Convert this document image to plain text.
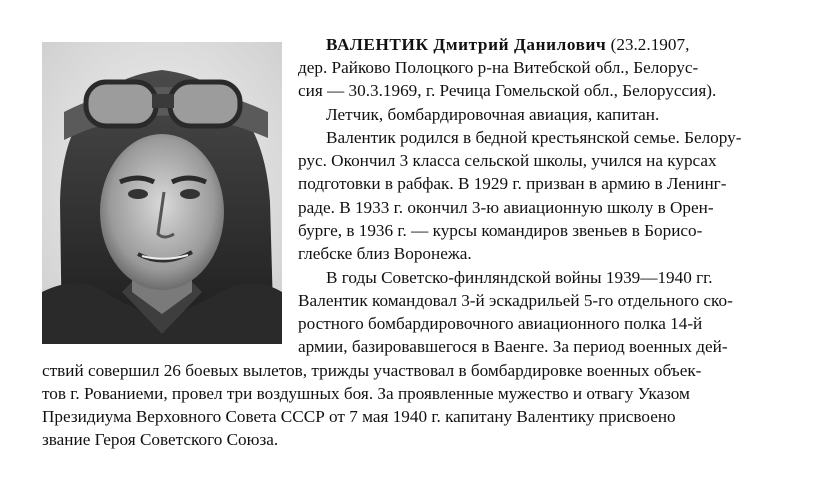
ВАЛЕНТИК Дмитрий Данилович (23.2.1907,
дер. Райково Полоцкого р-на Витебской обл., Белорус-
сия — 30.3.1969, г. Речица Гомельской обл., Белоруссия).
Летчик, бомбардировочная авиация, капитан.
Валентик родился в бедной крестьянской семье. Белору-
рус. Окончил 3 класса сельской школы, учился на курсах
подготовки в рабфак. В 1929 г. призван в армию в Ленинг-
раде. В 1933 г. окончил 3-ю авиационную школу в Орен-
бурге, в 1936 г. — курсы командиров звеньев в Борисо-
глебске близ Воронежа.
В годы Советско-финляндской войны 1939—1940 гг.
Валентик командовал 3-й эскадрильей 5-го отдельного ско-
ростного бомбардировочного авиационного полка 14-й
армии, базировавшегося в Ваенге. За период военных дей-
ствий совершил 26 боевых вылетов, трижды участвовал в бомбардировке военных объек-
тов г. Рованиеми, провел три воздушных боя. За проявленные мужество и отвагу Указом
Президиума Верховного Совета СССР от 7 мая 1940 г. капитану Валентику присвоено
звание Героя Советского Союза.
